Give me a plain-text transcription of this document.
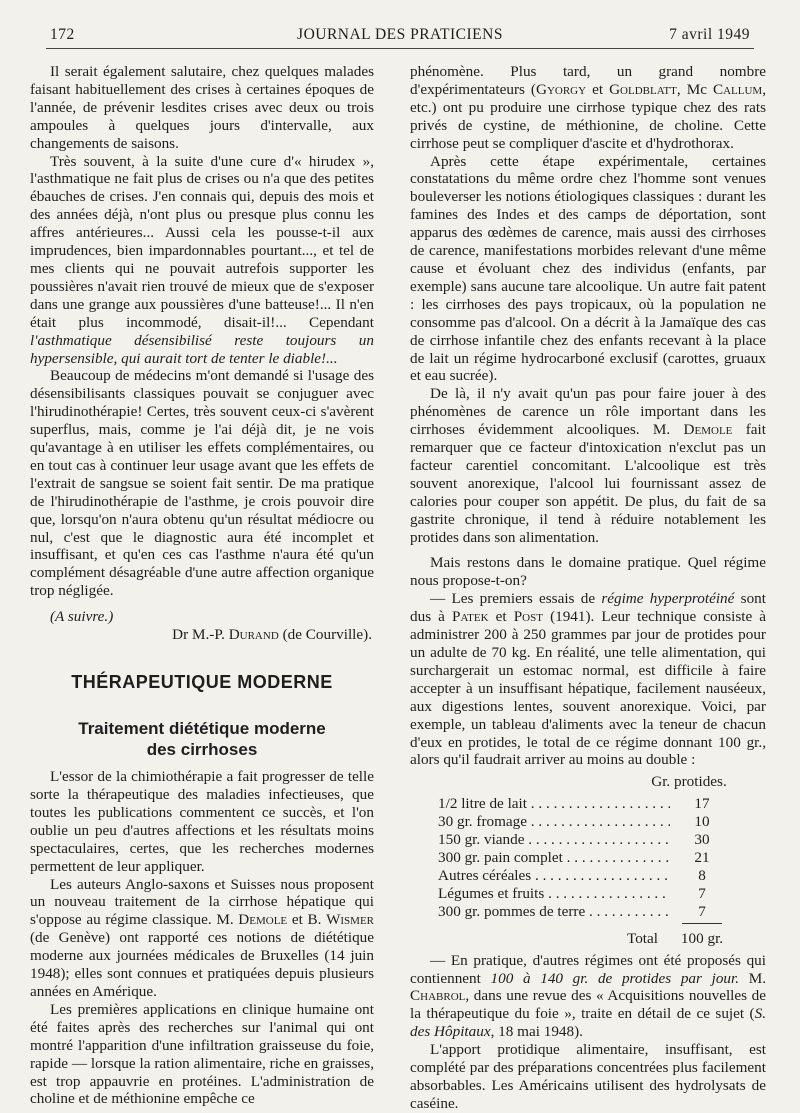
172	JOURNAL DES PRATICIENS	7 avril 1949

Il serait également salutaire, chez quelques malades faisant habituellement des crises à certaines époques de l'année, de prévenir lesdites crises avec deux ou trois ampoules à quelques jours d'intervalle, aux changements de saisons.

Très souvent, à la suite d'une cure d'« hirudex », l'asthmatique ne fait plus de crises ou n'a que des petites ébauches de crises. J'en connais qui, depuis des mois et des années déjà, n'ont plus ou presque plus connu les affres antérieures... Aussi cela les pousse-t-il aux imprudences, bien impardonnables pourtant..., et tel de mes clients qui ne pouvait autrefois supporter les poussières n'avait rien trouvé de mieux que de s'exposer dans une grange aux poussières d'une batteuse!... Il n'en était plus incommodé, disait-il!... Cependant l'asthmatique désensibilisé reste toujours un hypersensible, qui aurait tort de tenter le diable!...

Beaucoup de médecins m'ont demandé si l'usage des désensibilisants classiques pouvait se conjuguer avec l'hirudinothérapie! Certes, très souvent ceux-ci s'avèrent superflus, mais, comme je l'ai déjà dit, je ne vois qu'avantage à en utiliser les effets complémentaires, ou en tout cas à continuer leur usage avant que les effets de l'extrait de sangsue se soient fait sentir. De ma pratique de l'hirudinothérapie de l'asthme, je crois pouvoir dire que, lorsqu'on n'aura obtenu qu'un résultat médiocre ou nul, c'est que le diagnostic aura été incomplet et insuffisant, et qu'en ces cas l'asthme n'aura été qu'un complément désagréable d'une autre affection organique trop négligée.

(A suivre.)
Dr M.-P. Durand (de Courville).
THÉRAPEUTIQUE MODERNE
Traitement diététique moderne
des cirrhoses

L'essor de la chimiothérapie a fait progresser de telle sorte la thérapeutique des maladies infectieuses, que toutes les publications commentent ce succès, et l'on oublie un peu d'autres affections et les résultats moins spectaculaires, certes, que les recherches modernes permettent de leur appliquer.

Les auteurs Anglo-saxons et Suisses nous proposent un nouveau traitement de la cirrhose hépatique qui s'oppose au régime classique. M. Demole et B. Wismer (de Genève) ont rapporté ces notions de diététique moderne aux journées médicales de Bruxelles (14 juin 1948); elles sont connues et pratiquées depuis plusieurs années en Amérique.

Les premières applications en clinique humaine ont été faites après des recherches sur l'animal qui ont montré l'apparition d'une infiltration graisseuse du foie, rapide — lorsque la ration alimentaire, riche en graisses, est trop appauvrie en protéines. L'administration de choline et de méthionine empêche ce

phénomène. Plus tard, un grand nombre d'expérimentateurs (Gyorgy et Goldblatt, Mc Callum, etc.) ont pu produire une cirrhose typique chez des rats privés de cystine, de méthionine, de choline. Cette cirrhose peut se compliquer d'ascite et d'hydrothorax.

Après cette étape expérimentale, certaines constatations du même ordre chez l'homme sont venues bouleverser les notions étiologiques classiques : durant les famines des Indes et des camps de déportation, sont apparus des œdèmes de carence, mais aussi des cirrhoses de carence, manifestations morbides relevant d'une même cause et évoluant chez des individus (enfants, par exemple) sans aucune tare alcoolique. Un autre fait patent : les cirrhoses des pays tropicaux, où la population ne consomme pas d'alcool. On a décrit à la Jamaïque des cas de cirrhose infantile chez des enfants recevant à la place de lait un régime hydrocarboné exclusif (carottes, gruaux et eau sucrée).

De là, il n'y avait qu'un pas pour faire jouer à des phénomènes de carence un rôle important dans les cirrhoses évidemment alcooliques. M. Demole fait remarquer que ce facteur d'intoxication n'exclut pas un facteur carentiel concomitant. L'alcoolique est très souvent anorexique, l'alcool lui fournissant assez de calories pour couper son appétit. De plus, du fait de sa gastrite chronique, il tend à réduire notablement les protides dans son alimentation.

Mais restons dans le domaine pratique. Quel régime nous propose-t-on?

— Les premiers essais de régime hyperprotéiné sont dus à Patek et Post (1941). Leur technique consiste à administrer 200 à 250 grammes par jour de protides pour un adulte de 70 kg. En réalité, une telle alimentation, qui surchargerait un estomac normal, est difficile à faire accepter à un insuffisant hépatique, facilement nauséeux, aux digestions lentes, souvent anorexique. Voici, par exemple, un tableau d'aliments avec la teneur de chacun d'eux en protides, le total de ce régime donnant 100 gr., alors qu'il faudrait arriver au moins au double :

Gr. protides.
1/2 litre de lait . . .	17
30 gr. fromage . . .	10
150 gr. viande . . .	30
300 gr. pain complet . . .	21
Autres céréales . . .	8
Légumes et fruits . . .	7
300 gr. pommes de terre . . .	7
Total	100 gr.

— En pratique, d'autres régimes ont été proposés qui contiennent 100 à 140 gr. de protides par jour. M. Chabrol, dans une revue des « Acquisitions nouvelles de la thérapeutique du foie », traite en détail de ce sujet (S. des Hôpitaux, 18 mai 1948).

L'apport protidique alimentaire, insuffisant, est complété par des préparations concentrées plus facilement absorbables. Les Américains utilisent des hydrolysats de caséine.
